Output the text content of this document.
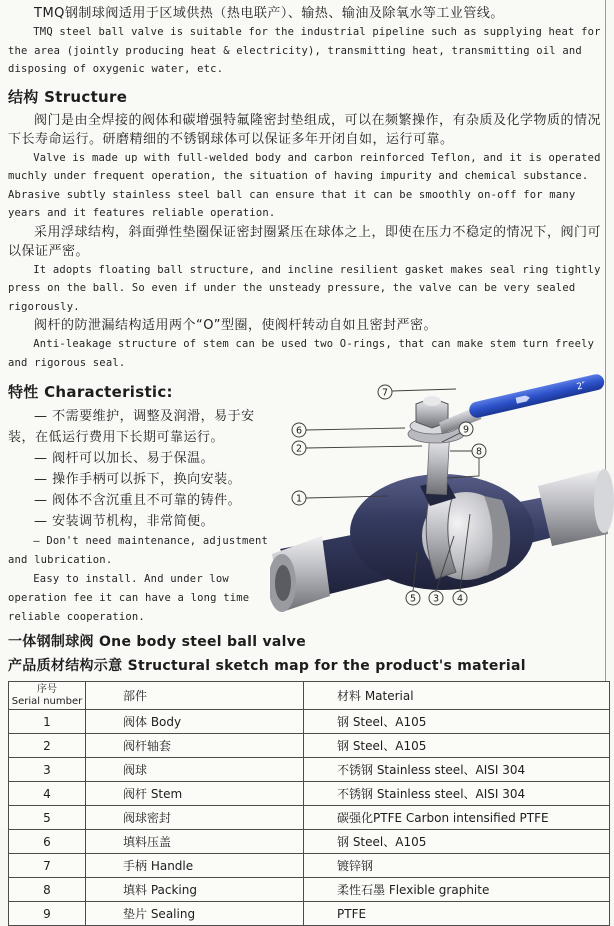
TMQ钢制球阀适用于区域供热（热电联产）、输热、输油及除氧水等工业管线。

TMQ steel ball valve is suitable for the industrial pipeline such as supplying heat for the area (jointly producing heat & electricity), transmitting heat, transmitting oil and disposing of oxygenic water, etc.

结构 Structure

阀门是由全焊接的阀体和碳增强特氟隆密封垫组成，可以在频繁操作，有杂质及化学物质的情况下长寿命运行。研磨精细的不锈钢球体可以保证多年开闭自如，运行可靠。

Valve is made up with full-welded body and carbon reinforced Teflon, and it is operated muchly under frequent operation, the situation of having impurity and chemical substance. Abrasive subtly stainless steel ball can ensure that it can be smoothly on-off for many years and it features reliable operation.

采用浮球结构，斜面弹性垫圈保证密封圈紧压在球体之上，即使在压力不稳定的情况下，阀门可以保证严密。

It adopts floating ball structure, and incline resilient gasket makes seal ring tightly press on the ball. So even if under the unsteady pressure, the valve can be very sealed rigorously.

阀杆的防泄漏结构适用两个“O”型圈，使阀杆转动自如且密封严密。

Anti-leakage structure of stem can be used two O-rings, that can make stem turn freely and rigorous seal.

特性 Characteristic:

— 不需要维护，调整及润滑，易于安装，在低运行费用下长期可靠运行。

— 阀杆可以加长、易于保温。

— 操作手柄可以拆下，换向安装。

— 阀体不含沉重且不可靠的铸件。

— 安装调节机构，非常简便。

— Don't need maintenance, adjustment and lubrication.

Easy to install. And under low operation fee it can have a long time reliable cooperation.

2″
7
6
2
9
8
1
5 3 4
一体钢制球阀 One body steel ball valve
产品质材结构示意 Structural sketch map for the product's material
序号
Serial number	部件	材料 Material
1	阀体 Body	钢 Steel、A105
2	阀杆轴套	钢 Steel、A105
3	阀球	不锈钢 Stainless steel、AISI 304
4	阀杆 Stem	不锈钢 Stainless steel、AISI 304
5	阀球密封	碳强化PTFE Carbon intensified PTFE
6	填料压盖	钢 Steel、A105
7	手柄 Handle	镀锌钢
8	填料 Packing	柔性石墨 Flexible graphite
9	垫片 Sealing	PTFE
